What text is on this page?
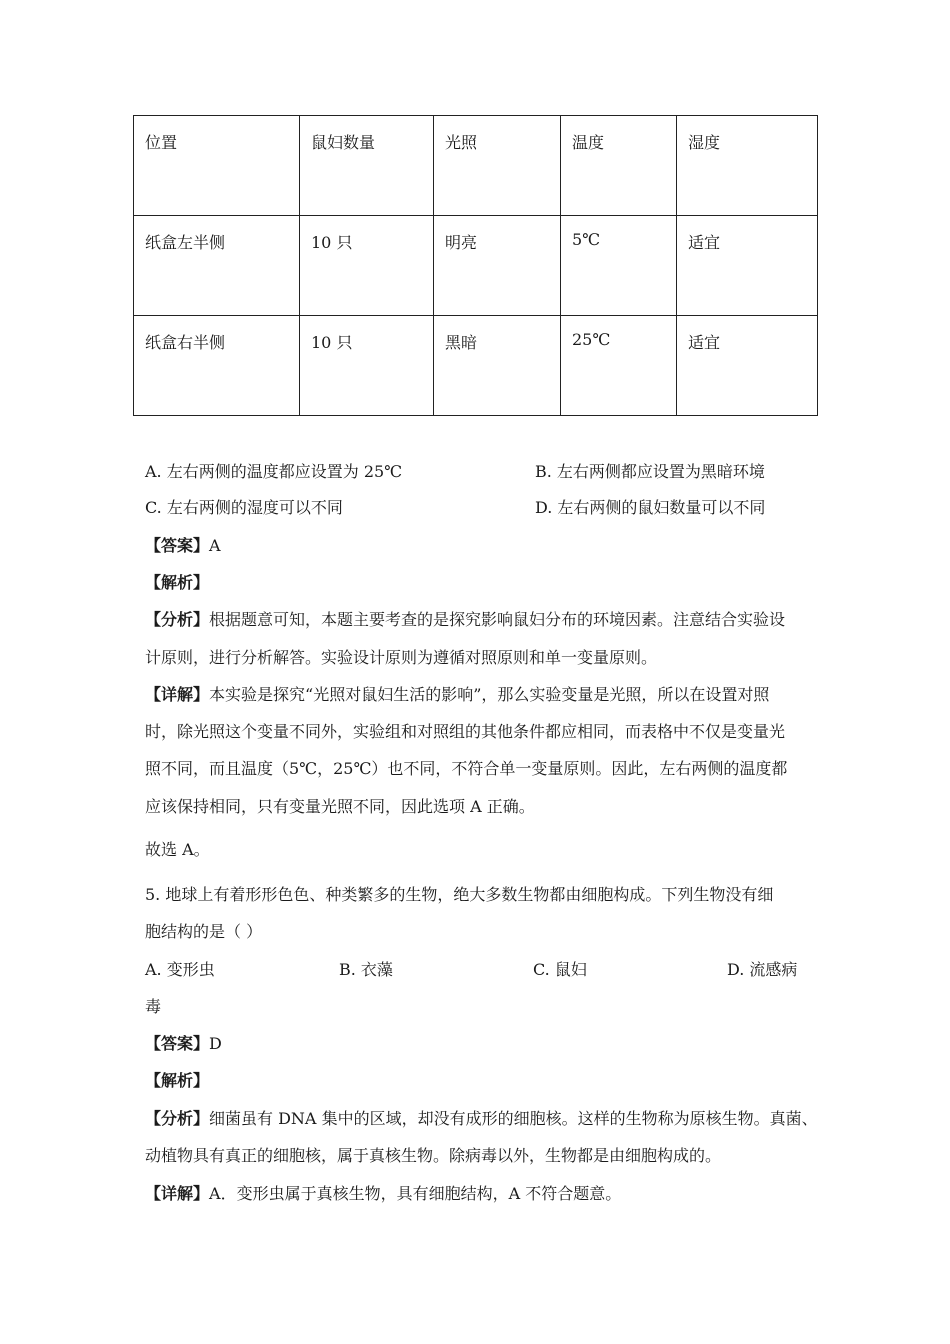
位置	鼠妇数量	光照	温度	湿度
纸盒左半侧	10 只	明亮	5℃	适宜
纸盒右半侧	10 只	黑暗	25℃	适宜
A. 左右两侧的温度都应设置为 25℃	B. 左右两侧都应设置为黑暗环境
C. 左右两侧的湿度可以不同	D. 左右两侧的鼠妇数量可以不同
【答案】A
【解析】
【分析】根据题意可知，本题主要考查的是探究影响鼠妇分布的环境因素。注意结合实验设
计原则，进行分析解答。实验设计原则为遵循对照原则和单一变量原则。
【详解】本实验是探究“光照对鼠妇生活的影响”，那么实验变量是光照，所以在设置对照
时，除光照这个变量不同外，实验组和对照组的其他条件都应相同，而表格中不仅是变量光
照不同，而且温度（5℃，25℃）也不同，不符合单一变量原则。因此，左右两侧的温度都
应该保持相同，只有变量光照不同，因此选项 A 正确。
故选 A。
5. 地球上有着形形色色、种类繁多的生物，绝大多数生物都由细胞构成。下列生物没有细
胞结构的是（ ）
A. 变形虫	B. 衣藻	C. 鼠妇	D. 流感病
毒
【答案】D
【解析】
【分析】细菌虽有 DNA 集中的区域，却没有成形的细胞核。这样的生物称为原核生物。真菌、
动植物具有真正的细胞核，属于真核生物。除病毒以外，生物都是由细胞构成的。
【详解】A．变形虫属于真核生物，具有细胞结构，A 不符合题意。
